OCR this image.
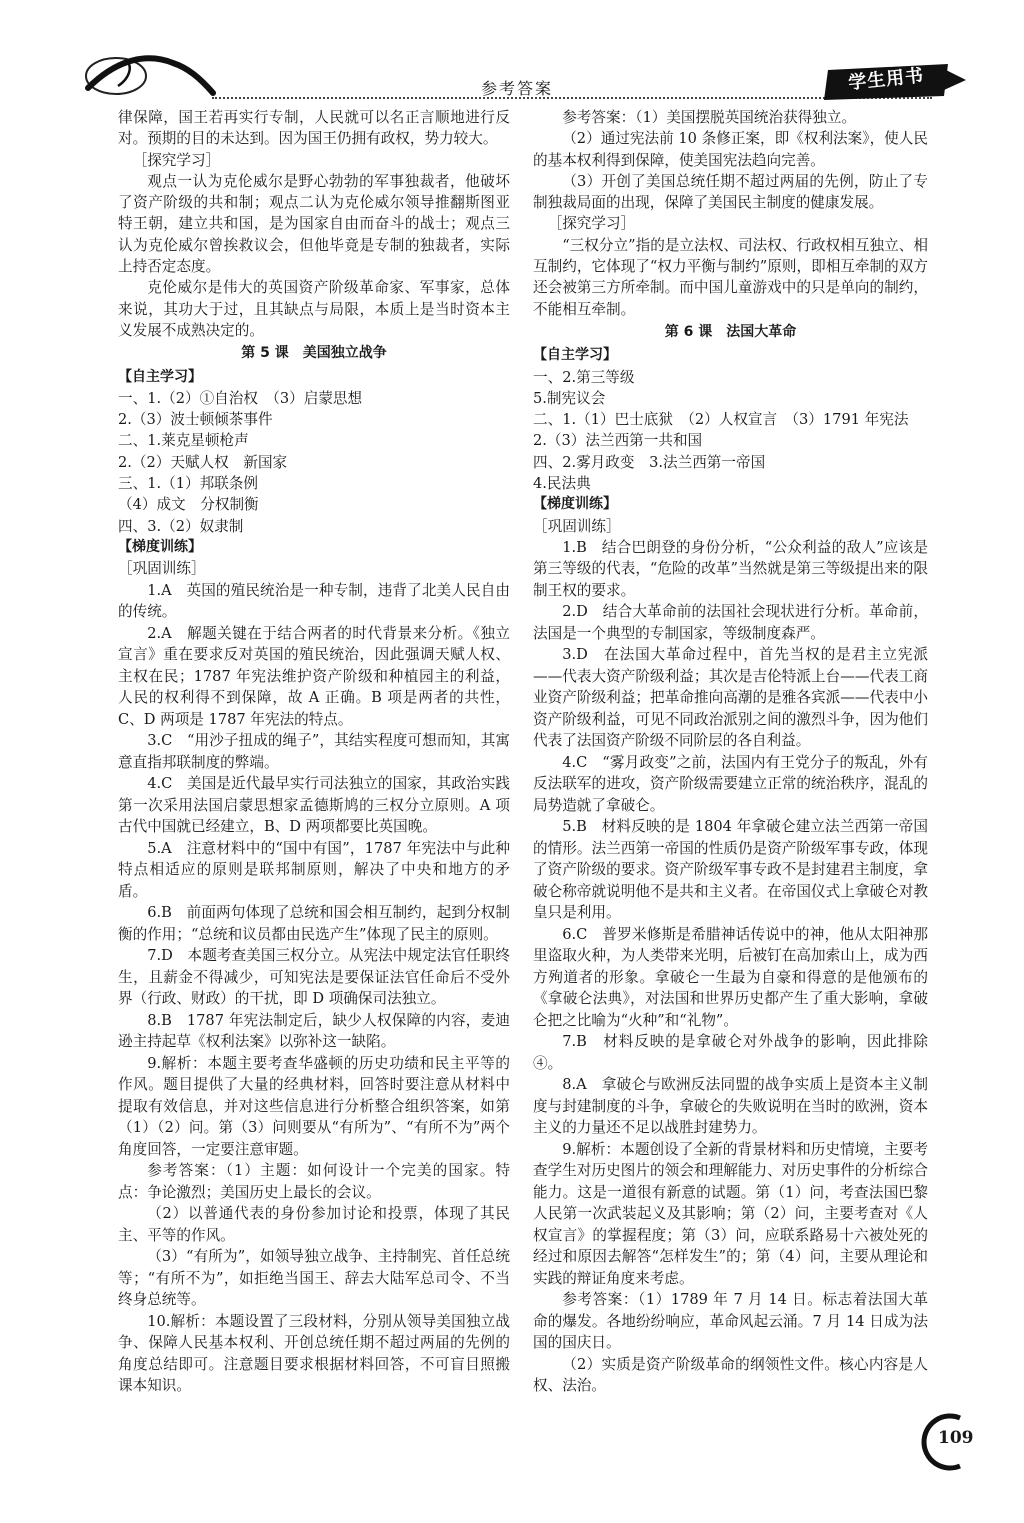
参考答案	学生用书

律保障，国王若再实行专制，人民就可以名正言顺地进行反对。预期的目的未达到。因为国王仍拥有政权，势力较大。

［探究学习］

观点一认为克伦威尔是野心勃勃的军事独裁者，他破坏了资产阶级的共和制；观点二认为克伦威尔领导推翻斯图亚特王朝，建立共和国，是为国家自由而奋斗的战士；观点三认为克伦威尔曾挨救议会，但他毕竟是专制的独裁者，实际上持否定态度。

克伦威尔是伟大的英国资产阶级革命家、军事家，总体来说，其功大于过，且其缺点与局限，本质上是当时资本主义发展不成熟决定的。

第 5 课　美国独立战争

【自主学习】

一、1.（2）①自治权　（3）启蒙思想

2.（3）波士顿倾茶事件

二、1.莱克星顿枪声

2.（2）天赋人权　新国家

三、1.（1）邦联条例

（4）成文　分权制衡

四、3.（2）奴隶制

【梯度训练】

［巩固训练］

1.A　英国的殖民统治是一种专制，违背了北美人民自由的传统。

2.A　解题关键在于结合两者的时代背景来分析。《独立宣言》重在要求反对英国的殖民统治，因此强调天赋人权、主权在民；1787 年宪法维护资产阶级和种植园主的利益，人民的权利得不到保障，故 A 正确。B 项是两者的共性，C、D 两项是 1787 年宪法的特点。

3.C　“用沙子扭成的绳子”，其结实程度可想而知，其寓意直指邦联制度的弊端。

4.C　美国是近代最早实行司法独立的国家，其政治实践第一次采用法国启蒙思想家孟德斯鸠的三权分立原则。A 项古代中国就已经建立，B、D 两项都要比英国晚。

5.A　注意材料中的“国中有国”，1787 年宪法中与此种特点相适应的原则是联邦制原则，解决了中央和地方的矛盾。

6.B　前面两句体现了总统和国会相互制约，起到分权制衡的作用；“总统和议员都由民选产生”体现了民主的原则。

7.D　本题考查美国三权分立。从宪法中规定法官任职终生，且薪金不得减少，可知宪法是要保证法官任命后不受外界（行政、财政）的干扰，即 D 项确保司法独立。

8.B　1787 年宪法制定后，缺少人权保障的内容，麦迪逊主持起草《权利法案》以弥补这一缺陷。

9.解析：本题主要考查华盛顿的历史功绩和民主平等的作风。题目提供了大量的经典材料，回答时要注意从材料中提取有效信息，并对这些信息进行分析整合组织答案，如第（1）（2）问。第（3）问则要从“有所为”、“有所不为”两个角度回答，一定要注意审题。

参考答案：（1）主题：如何设计一个完美的国家。特点：争论激烈；美国历史上最长的会议。

（2）以普通代表的身份参加讨论和投票，体现了其民主、平等的作风。

（3）“有所为”，如领导独立战争、主持制宪、首任总统等；“有所不为”，如拒绝当国王、辞去大陆军总司令、不当终身总统等。

10.解析：本题设置了三段材料，分别从领导美国独立战争、保障人民基本权利、开创总统任期不超过两届的先例的角度总结即可。注意题目要求根据材料回答，不可盲目照搬课本知识。

参考答案：（1）美国摆脱英国统治获得独立。

（2）通过宪法前 10 条修正案，即《权利法案》，使人民的基本权利得到保障，使美国宪法趋向完善。

（3）开创了美国总统任期不超过两届的先例，防止了专制独裁局面的出现，保障了美国民主制度的健康发展。

［探究学习］

“三权分立”指的是立法权、司法权、行政权相互独立、相互制约，它体现了“权力平衡与制约”原则，即相互牵制的双方还会被第三方所牵制。而中国儿童游戏中的只是单向的制约，不能相互牵制。

第 6 课　法国大革命

【自主学习】

一、2.第三等级

5.制宪议会

二、1.（1）巴士底狱　（2）人权宣言　（3）1791 年宪法

2.（3）法兰西第一共和国

四、2.雾月政变　3.法兰西第一帝国

4.民法典

【梯度训练】

［巩固训练］

1.B　结合巴朗登的身份分析，“公众利益的敌人”应该是第三等级的代表，“危险的改革”当然就是第三等级提出来的限制王权的要求。

2.D　结合大革命前的法国社会现状进行分析。革命前，法国是一个典型的专制国家，等级制度森严。

3.D　在法国大革命过程中，首先当权的是君主立宪派——代表大资产阶级利益；其次是吉伦特派上台——代表工商业资产阶级利益；把革命推向高潮的是雅各宾派——代表中小资产阶级利益，可见不同政治派别之间的激烈斗争，因为他们代表了法国资产阶级不同阶层的各自利益。

4.C　“雾月政变”之前，法国内有王党分子的叛乱，外有反法联军的进攻，资产阶级需要建立正常的统治秩序，混乱的局势造就了拿破仑。

5.B　材料反映的是 1804 年拿破仑建立法兰西第一帝国的情形。法兰西第一帝国的性质仍是资产阶级军事专政，体现了资产阶级的要求。资产阶级军事专政不是封建君主制度，拿破仑称帝就说明他不是共和主义者。在帝国仪式上拿破仑对教皇只是利用。

6.C　普罗米修斯是希腊神话传说中的神，他从太阳神那里盗取火种，为人类带来光明，后被钉在高加索山上，成为西方殉道者的形象。拿破仑一生最为自豪和得意的是他颁布的《拿破仑法典》，对法国和世界历史都产生了重大影响，拿破仑把之比喻为“火种”和“礼物”。

7.B　材料反映的是拿破仑对外战争的影响，因此排除④。

8.A　拿破仑与欧洲反法同盟的战争实质上是资本主义制度与封建制度的斗争，拿破仑的失败说明在当时的欧洲，资本主义的力量还不足以战胜封建势力。

9.解析：本题创设了全新的背景材料和历史情境，主要考查学生对历史图片的领会和理解能力、对历史事件的分析综合能力。这是一道很有新意的试题。第（1）问，考查法国巴黎人民第一次武装起义及其影响；第（2）问，主要考查对《人权宣言》的掌握程度；第（3）问，应联系路易十六被处死的经过和原因去解答“怎样发生”的；第（4）问，主要从理论和实践的辩证角度来考虑。

参考答案：（1）1789 年 7 月 14 日。标志着法国大革命的爆发。各地纷纷响应，革命风起云涌。7 月 14 日成为法国的国庆日。

（2）实质是资产阶级革命的纲领性文件。核心内容是人权、法治。

109
